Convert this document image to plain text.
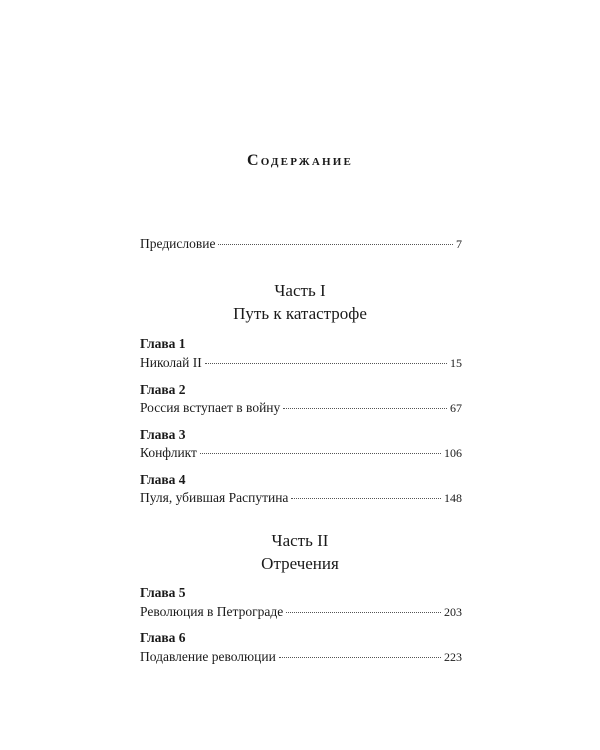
Содержание
Предисловие	7
Часть I
Путь к катастрофе
Глава 1
Николай II	15
Глава 2
Россия вступает в войну	67
Глава 3
Конфликт	106
Глава 4
Пуля, убившая Распутина	148
Часть II
Отречения
Глава 5
Революция в Петрограде	203
Глава 6
Подавление революции	223
